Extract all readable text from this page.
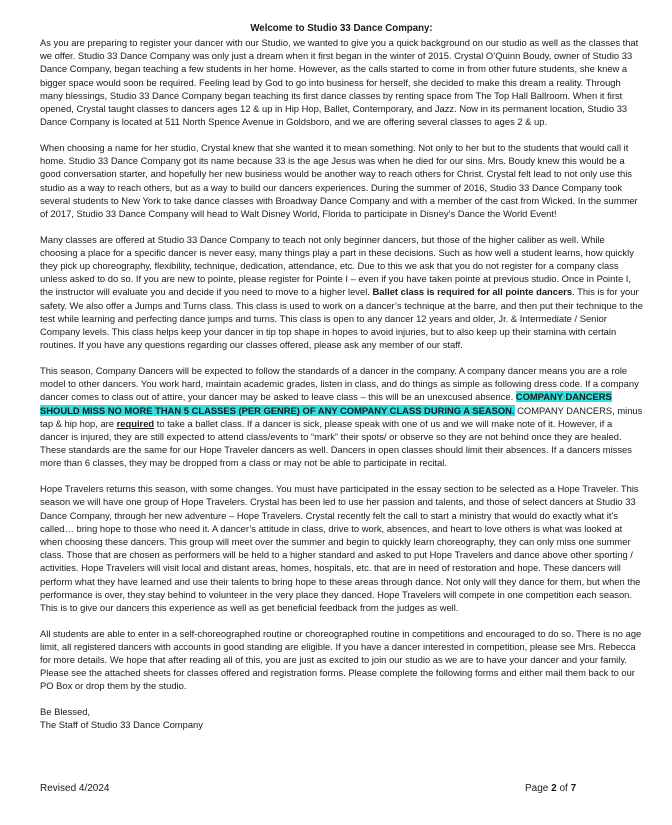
Welcome to Studio 33 Dance Company:

As you are preparing to register your dancer with our Studio, we wanted to give you a quick background on our studio as well as the classes that we offer. Studio 33 Dance Company was only just a dream when it first began in the winter of 2015. Crystal O’Quinn Boudy, owner of Studio 33 Dance Company, began teaching a few students in her home. However, as the calls started to come in from other future students, she knew a bigger space would soon be required. Feeling lead by God to go into business for herself, she decided to make this dream a reality. Through many blessings, Studio 33 Dance Company began teaching its first dance classes by renting space from The Top Hall Ballroom. When it first opened, Crystal taught classes to dancers ages 12 & up in Hip Hop, Ballet, Contemporary, and Jazz. Now in its permanent location, Studio 33 Dance Company is located at 511 North Spence Avenue in Goldsboro, and we are offering several classes to ages 2 & up.

When choosing a name for her studio, Crystal knew that she wanted it to mean something. Not only to her but to the students that would call it home. Studio 33 Dance Company got its name because 33 is the age Jesus was when he died for our sins. Mrs. Boudy knew this would be a good conversation starter, and hopefully her new business would be another way to reach others for Christ. Crystal felt lead to not only use this studio as a way to reach others, but as a way to build our dancers experiences. During the summer of 2016, Studio 33 Dance Company took several students to New York to take dance classes with Broadway Dance Company and with a member of the cast from Wicked. In the summer of 2017, Studio 33 Dance Company will head to Walt Disney World, Florida to participate in Disney’s Dance the World Event!

Many classes are offered at Studio 33 Dance Company to teach not only beginner dancers, but those of the higher caliber as well. While choosing a place for a specific dancer is never easy, many things play a part in these decisions. Such as how well a student learns, how quickly they pick up choreography, flexibility, technique, dedication, attendance, etc. Due to this we ask that you do not register for a company class unless asked to do so. If you are new to pointe, please register for Pointe I – even if you have taken pointe at previous studio. Once in Pointe I, the instructor will evaluate you and decide if you need to move to a higher level. Ballet class is required for all pointe dancers. This is for your safety. We also offer a Jumps and Turns class. This class is used to work on a dancer’s technique at the barre, and then put their technique to the test while learning and perfecting dance jumps and turns. This class is open to any dancer 12 years and older, Jr. & Intermediate / Senior Company levels. This class helps keep your dancer in tip top shape in hopes to avoid injuries, but to also keep up their stamina with certain routines. If you have any questions regarding our classes offered, please ask any member of our staff.

This season, Company Dancers will be expected to follow the standards of a dancer in the company. A company dancer means you are a role model to other dancers. You work hard, maintain academic grades, listen in class, and do things as simple as following dress code. If a company dancer comes to class out of attire, your dancer may be asked to leave class – this will be an unexcused absence. COMPANY DANCERS SHOULD MISS NO MORE THAN 5 CLASSES (PER GENRE) OF ANY COMPANY CLASS DURING A SEASON. COMPANY DANCERS, minus tap & hip hop, are required to take a ballet class. If a dancer is sick, please speak with one of us and we will make note of it. However, if a dancer is injured, they are still expected to attend class/events to “mark” their spots/ or observe so they are not behind once they are healed. These standards are the same for our Hope Traveler dancers as well. Dancers in open classes should limit their absences. If a dancers misses more than 6 classes, they may be dropped from a class or may not be able to participate in recital.

Hope Travelers returns this season, with some changes. You must have participated in the essay section to be selected as a Hope Traveler. This season we will have one group of Hope Travelers. Crystal has been led to use her passion and talents, and those of select dancers at Studio 33 Dance Company, through her new adventure – Hope Travelers. Crystal recently felt the call to start a ministry that would do exactly what it’s called… bring hope to those who need it. A dancer’s attitude in class, drive to work, absences, and heart to love others is what was looked at when choosing these dancers. This group will meet over the summer and begin to quickly learn choreography, they can only miss one summer class. Those that are chosen as performers will be held to a higher standard and asked to put Hope Travelers and dance above other sporting / activities. Hope Travelers will visit local and distant areas, homes, hospitals, etc. that are in need of restoration and hope. These dancers will perform what they have learned and use their talents to bring hope to these areas through dance. Not only will they dance for them, but when the performance is over, they stay behind to volunteer in the very place they danced. Hope Travelers will compete in one competition each season. This is to give our dancers this experience as well as get beneficial feedback from the judges as well.

All students are able to enter in a self-choreographed routine or choreographed routine in competitions and encouraged to do so. There is no age limit, all registered dancers with accounts in good standing are eligible. If you have a dancer interested in competition, please see Mrs. Rebecca for more details. We hope that after reading all of this, you are just as excited to join our studio as we are to have your dancer and your family. Please see the attached sheets for classes offered and registration forms. Please complete the following forms and either mail them back to our PO Box or drop them by the studio.

Be Blessed,
The Staff of Studio 33 Dance Company
Revised 4/2024	Page 2 of 7
